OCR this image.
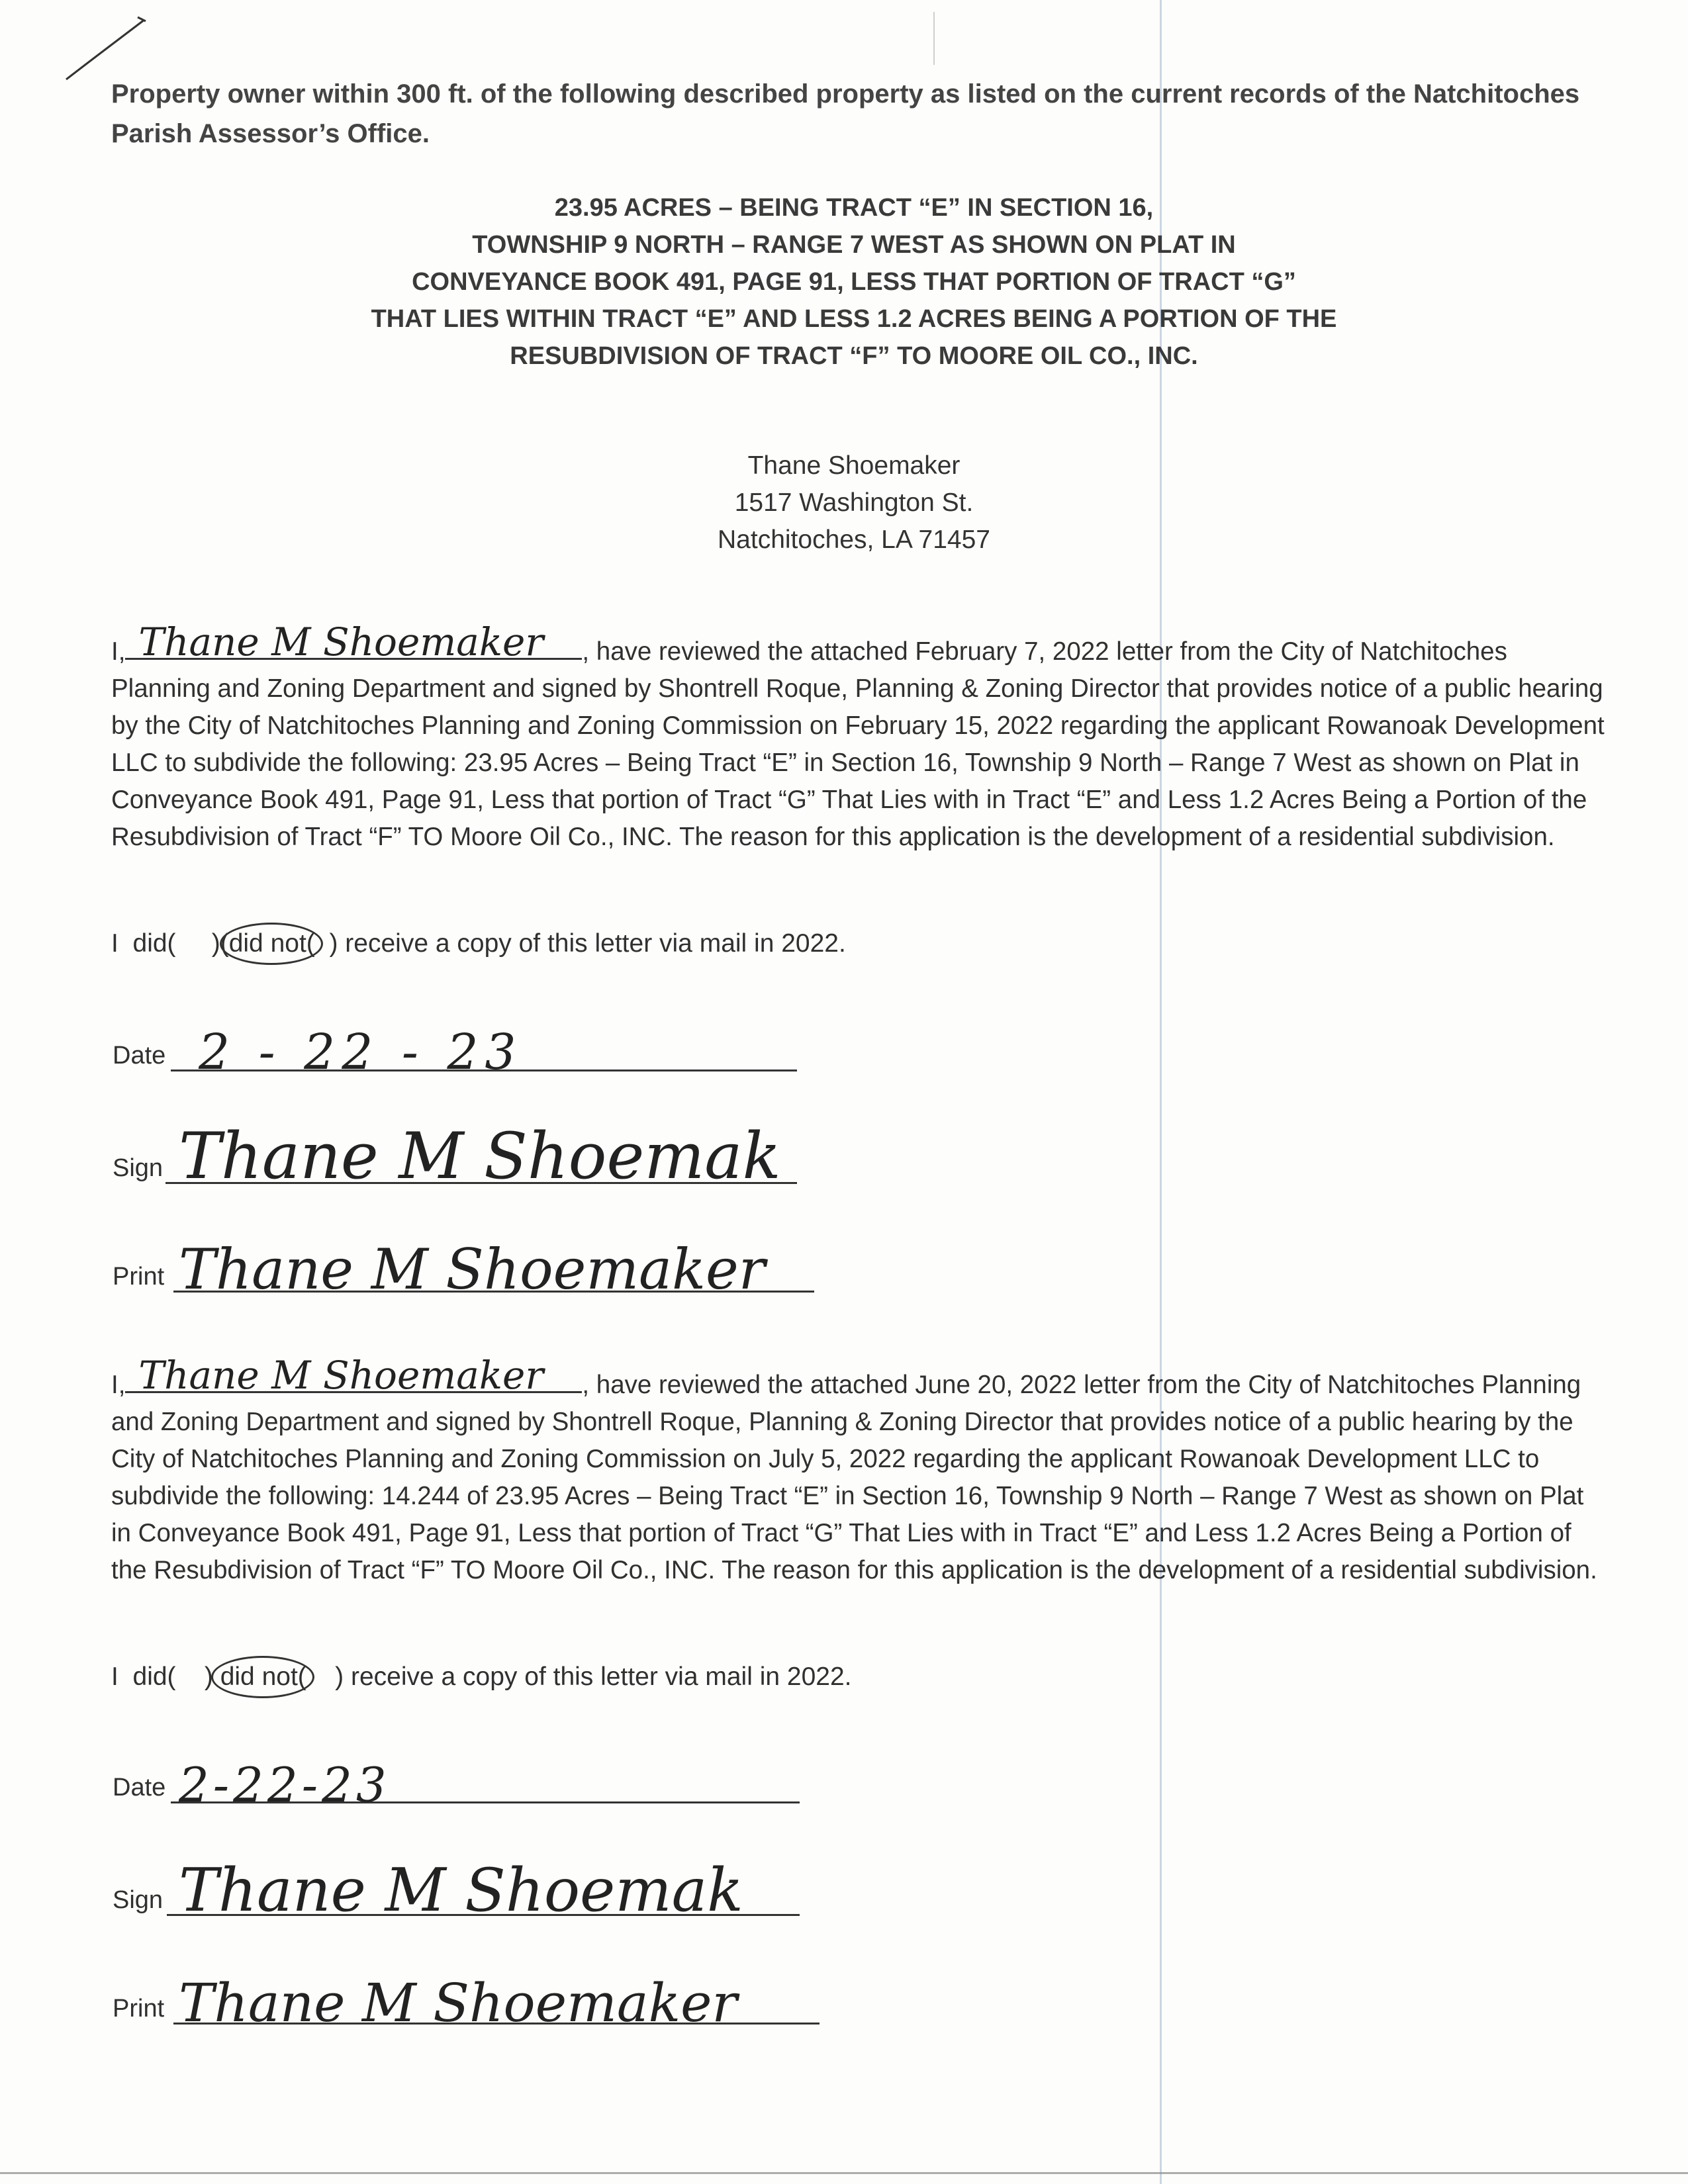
Property owner within 300 ft. of the following described property as listed on the current records of the Natchitoches Parish Assessor’s Office.
23.95 ACRES – BEING TRACT “E” IN SECTION 16,
TOWNSHIP 9 NORTH – RANGE 7 WEST AS SHOWN ON PLAT IN
CONVEYANCE BOOK 491, PAGE 91, LESS THAT PORTION OF TRACT “G”
THAT LIES WITHIN TRACT “E” AND LESS 1.2 ACRES BEING A PORTION OF THE
RESUBDIVISION OF TRACT “F” TO MOORE OIL CO., INC.
Thane Shoemaker
1517 Washington St.
Natchitoches, LA 71457
I, Thane M Shoemaker , have reviewed the attached February 7, 2022 letter from the City of Natchitoches Planning and Zoning Department and signed by Shontrell Roque, Planning & Zoning Director that provides notice of a public hearing by the City of Natchitoches Planning and Zoning Commission on February 15, 2022 regarding the applicant Rowanoak Development LLC to subdivide the following: 23.95 Acres – Being Tract “E” in Section 16, Township 9 North – Range 7 West as shown on Plat in Conveyance Book 491, Page 91, Less that portion of Tract “G” That Lies with in Tract “E” and Less 1.2 Acres Being a Portion of the Resubdivision of Tract “F” TO Moore Oil Co., INC. The reason for this application is the development of a residential subdivision.
I  did(     )(did not(  ) receive a copy of this letter via mail in 2022.
Date 2 - 22 - 23
Sign Thane M Shoemak
Print Thane M Shoemaker
I, Thane M Shoemaker , have reviewed the attached June 20, 2022 letter from the City of Natchitoches Planning and Zoning Department and signed by Shontrell Roque, Planning & Zoning Director that provides notice of a public hearing by the City of Natchitoches Planning and Zoning Commission on July 5, 2022 regarding the applicant Rowanoak Development LLC to subdivide the following: 14.244 of 23.95 Acres – Being Tract “E” in Section 16, Township 9 North – Range 7 West as shown on Plat in Conveyance Book 491, Page 91, Less that portion of Tract “G” That Lies with in Tract “E” and Less 1.2 Acres Being a Portion of the Resubdivision of Tract “F” TO Moore Oil Co., INC. The reason for this application is the development of a residential subdivision.
I  did(    ) did not(    ) receive a copy of this letter via mail in 2022.
Date 2-22-23
Sign Thane M Shoemak
Print Thane M Shoemaker
